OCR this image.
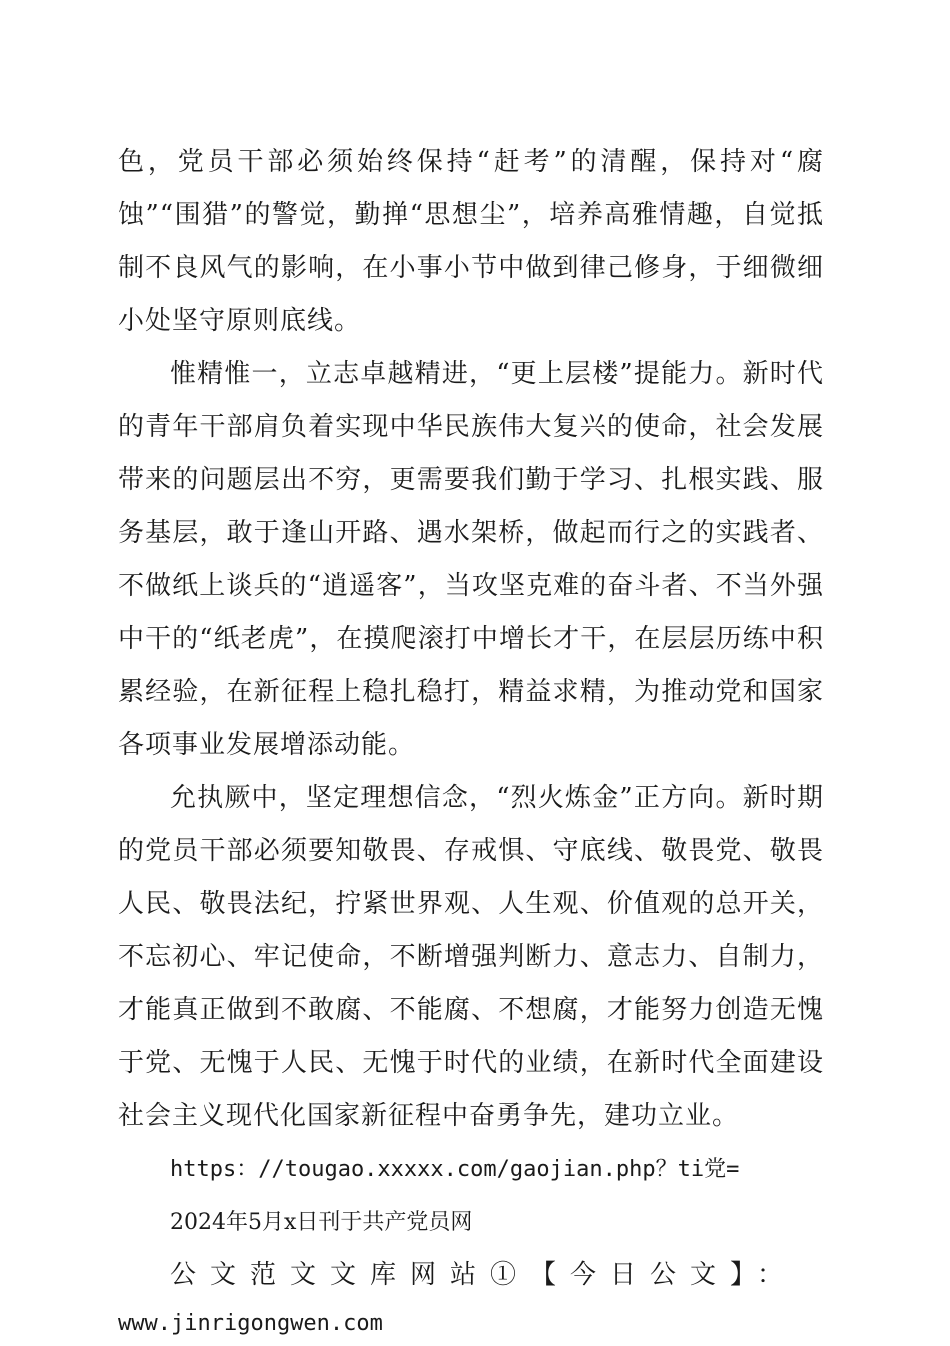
色，党员干部必须始终保持“赶考”的清醒，保持对“腐蚀”“围猎”的警觉，勤掸“思想尘”，培养高雅情趣，自觉抵制不良风气的影响，在小事小节中做到律己修身，于细微细小处坚守原则底线。

惟精惟一，立志卓越精进，“更上层楼”提能力。新时代的青年干部肩负着实现中华民族伟大复兴的使命，社会发展带来的问题层出不穷，更需要我们勤于学习、扎根实践、服务基层，敢于逢山开路、遇水架桥，做起而行之的实践者、不做纸上谈兵的“逍遥客”，当攻坚克难的奋斗者、不当外强中干的“纸老虎”，在摸爬滚打中增长才干，在层层历练中积累经验，在新征程上稳扎稳打，精益求精，为推动党和国家各项事业发展增添动能。

允执厥中，坚定理想信念，“烈火炼金”正方向。新时期的党员干部必须要知敬畏、存戒惧、守底线、敬畏党、敬畏人民、敬畏法纪，拧紧世界观、人生观、价值观的总开关，不忘初心、牢记使命，不断增强判断力、意志力、自制力，才能真正做到不敢腐、不能腐、不想腐，才能努力创造无愧于党、无愧于人民、无愧于时代的业绩，在新时代全面建设社会主义现代化国家新征程中奋勇争先，建功立业。

https：//tougao.xxxxx.com/gaojian.php？ti党=

2024年5月x日刊于共产党员网

公文范文文库网站①【今日公文】：

www.jinrigongwen.com
